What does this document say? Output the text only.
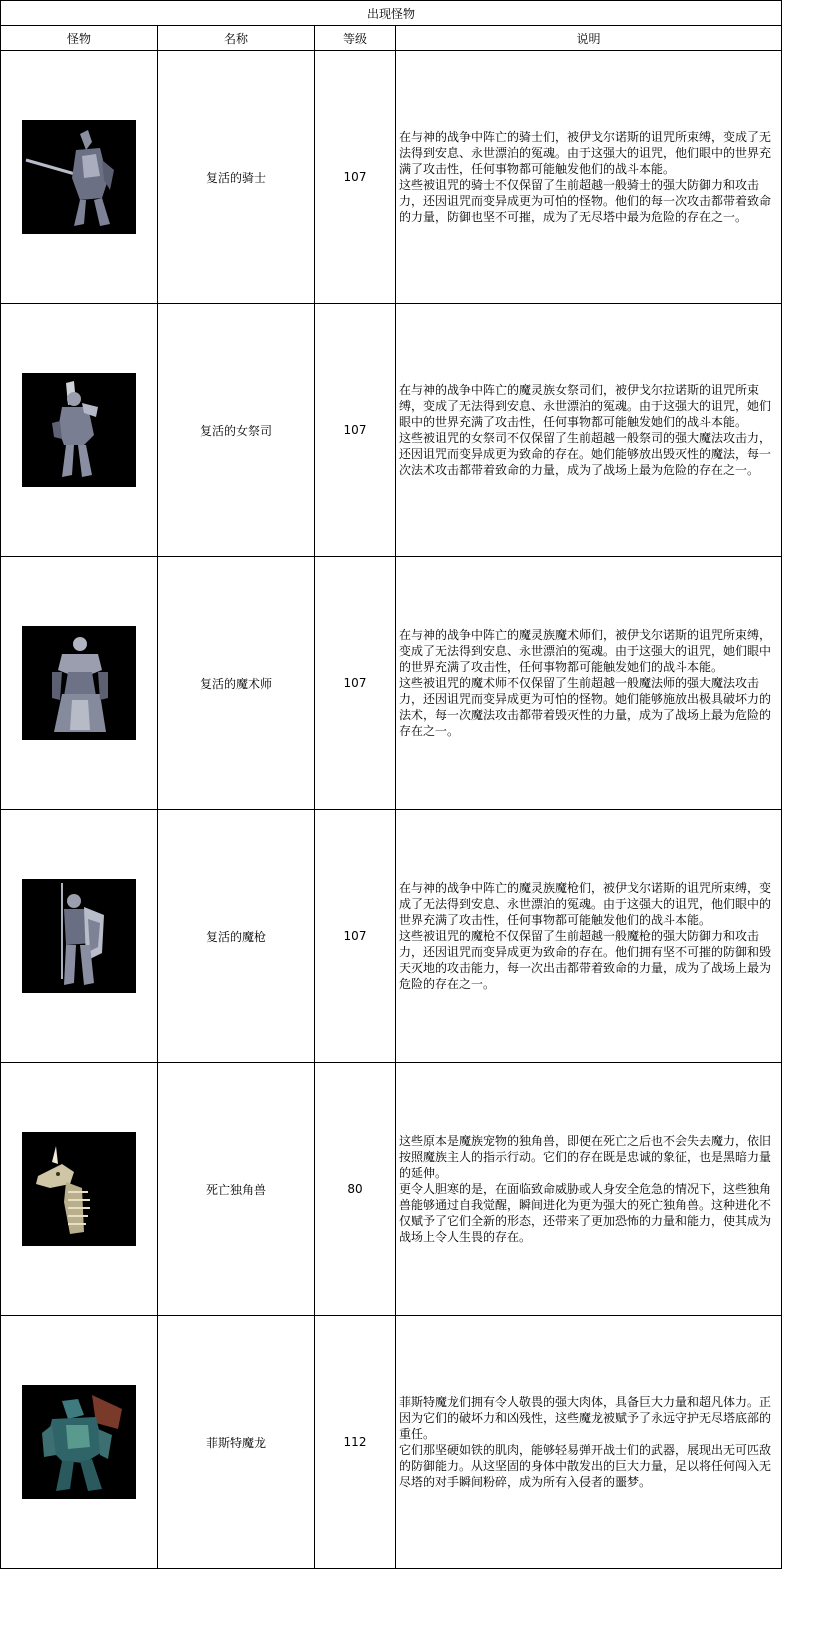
出现怪物			
怪物	名称	等级	说明

	复活的骑士	107	在与神的战争中阵亡的骑士们，被伊戈尔诺斯的诅咒所束缚，变成了无法得到安息、永世漂泊的冤魂。由于这强大的诅咒，他们眼中的世界充满了攻击性，任何事物都可能触发他们的战斗本能。

这些被诅咒的骑士不仅保留了生前超越一般骑士的强大防御力和攻击力，还因诅咒而变异成更为可怕的怪物。他们的每一次攻击都带着致命的力量，防御也坚不可摧，成为了无尽塔中最为危险的存在之一。

	复活的女祭司	107	在与神的战争中阵亡的魔灵族女祭司们，被伊戈尔拉诺斯的诅咒所束缚，变成了无法得到安息、永世漂泊的冤魂。由于这强大的诅咒，她们眼中的世界充满了攻击性，任何事物都可能触发她们的战斗本能。

这些被诅咒的女祭司不仅保留了生前超越一般祭司的强大魔法攻击力，还因诅咒而变异成更为致命的存在。她们能够放出毁灭性的魔法，每一次法术攻击都带着致命的力量，成为了战场上最为危险的存在之一。

	复活的魔术师	107	在与神的战争中阵亡的魔灵族魔术师们，被伊戈尔诺斯的诅咒所束缚，变成了无法得到安息、永世漂泊的冤魂。由于这强大的诅咒，她们眼中的世界充满了攻击性，任何事物都可能触发她们的战斗本能。

这些被诅咒的魔术师不仅保留了生前超越一般魔法师的强大魔法攻击力，还因诅咒而变异成更为可怕的怪物。她们能够施放出极具破坏力的法术，每一次魔法攻击都带着毁灭性的力量，成为了战场上最为危险的存在之一。

	复活的魔枪	107	在与神的战争中阵亡的魔灵族魔枪们，被伊戈尔诺斯的诅咒所束缚，变成了无法得到安息、永世漂泊的冤魂。由于这强大的诅咒，他们眼中的世界充满了攻击性，任何事物都可能触发他们的战斗本能。

这些被诅咒的魔枪不仅保留了生前超越一般魔枪的强大防御力和攻击力，还因诅咒而变异成更为致命的存在。他们拥有坚不可摧的防御和毁天灭地的攻击能力，每一次出击都带着致命的力量，成为了战场上最为危险的存在之一。

	死亡独角兽	80	这些原本是魔族宠物的独角兽，即便在死亡之后也不会失去魔力，依旧按照魔族主人的指示行动。它们的存在既是忠诚的象征，也是黑暗力量的延伸。

更令人胆寒的是，在面临致命威胁或人身安全危急的情况下，这些独角兽能够通过自我觉醒，瞬间进化为更为强大的死亡独角兽。这种进化不仅赋予了它们全新的形态，还带来了更加恐怖的力量和能力，使其成为战场上令人生畏的存在。

	菲斯特魔龙	112	菲斯特魔龙们拥有令人敬畏的强大肉体，具备巨大力量和超凡体力。正因为它们的破坏力和凶残性，这些魔龙被赋予了永远守护无尽塔底部的重任。

它们那坚硬如铁的肌肉，能够轻易弹开战士们的武器，展现出无可匹敌的防御能力。从这坚固的身体中散发出的巨大力量，足以将任何闯入无尽塔的对手瞬间粉碎，成为所有入侵者的噩梦。
